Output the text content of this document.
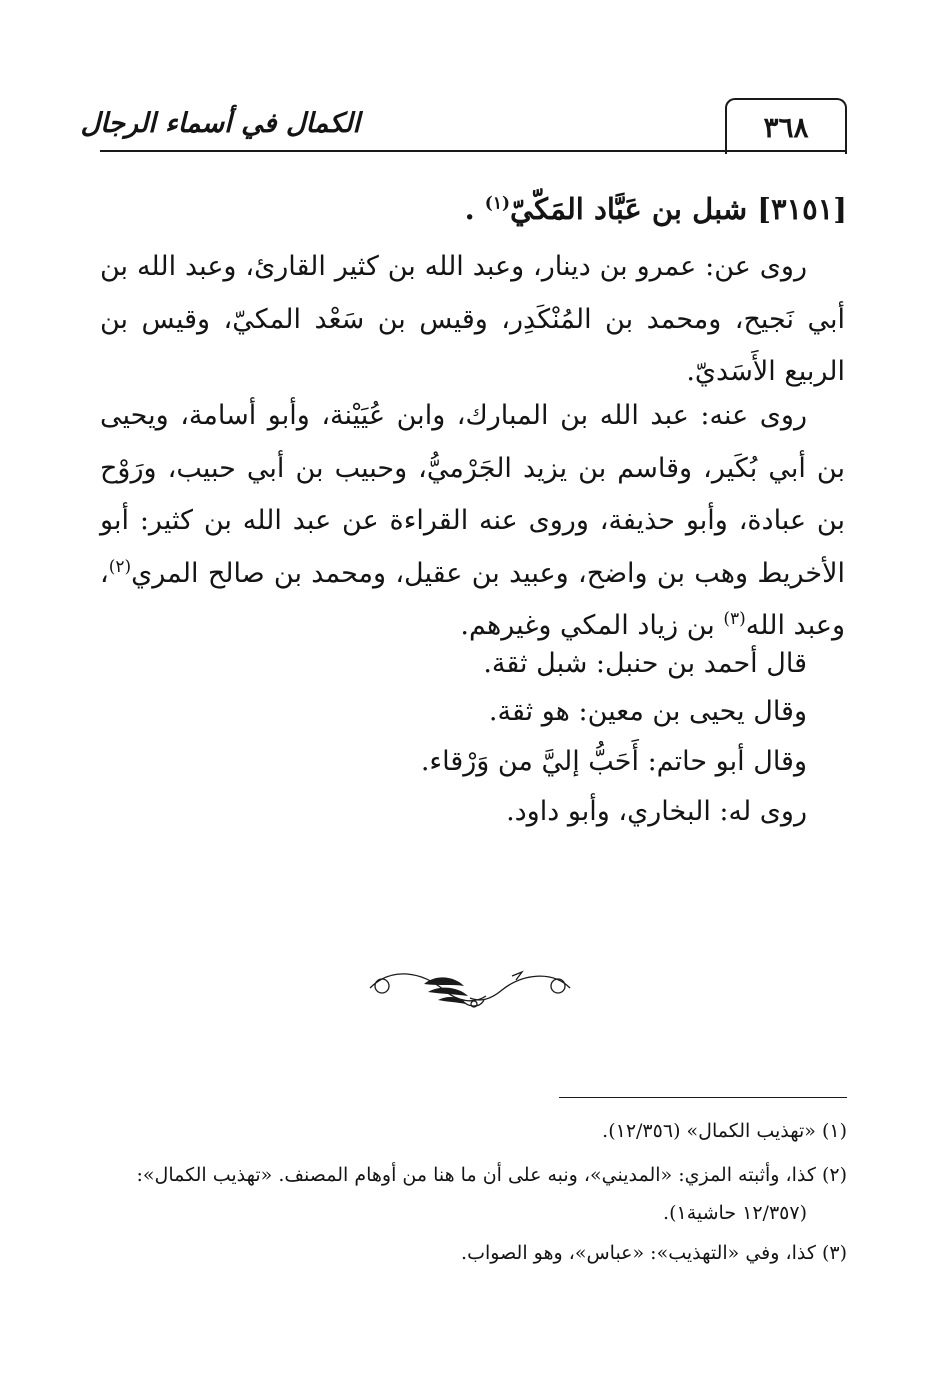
٣٦٨
الكمال في أسماء الرجال
[٣١٥١] شبل بن عَبَّاد المَكّيّ$^{(١)}$ .
روى عن: عمرو بن دينار، وعبد الله بن كثير القارئ، وعبد الله بن أبي نَجيح، ومحمد بن المُنْكَدِر، وقيس بن سَعْد المكيّ، وقيس بن الربيع الأَسَديّ.
روى عنه: عبد الله بن المبارك، وابن عُيَيْنة، وأبو أسامة، ويحيى بن أبي بُكَير، وقاسم بن يزيد الجَرْميُّ، وحبيب بن أبي حبيب، ورَوْح بن عبادة، وأبو حذيفة، وروى عنه القراءة عن عبد الله بن كثير: أبو الأخريط وهب بن واضح، وعبيد بن عقيل، ومحمد بن صالح المري$^{(٢)}$، وعبد الله$^{(٣)}$ بن زياد المكي وغيرهم.
قال أحمد بن حنبل: شبل ثقة.
وقال يحيى بن معين: هو ثقة.
وقال أبو حاتم: أَحَبُّ إليَّ من وَرْقاء.
روى له: البخاري، وأبو داود.
(١) «تهذيب الكمال» (١٢/٣٥٦).
(٢) كذا، وأثبته المزي: «المديني»، ونبه على أن ما هنا من أوهام المصنف. «تهذيب الكمال»:
(١٢/٣٥٧ حاشية١).
(٣) كذا، وفي «التهذيب»: «عباس»، وهو الصواب.
